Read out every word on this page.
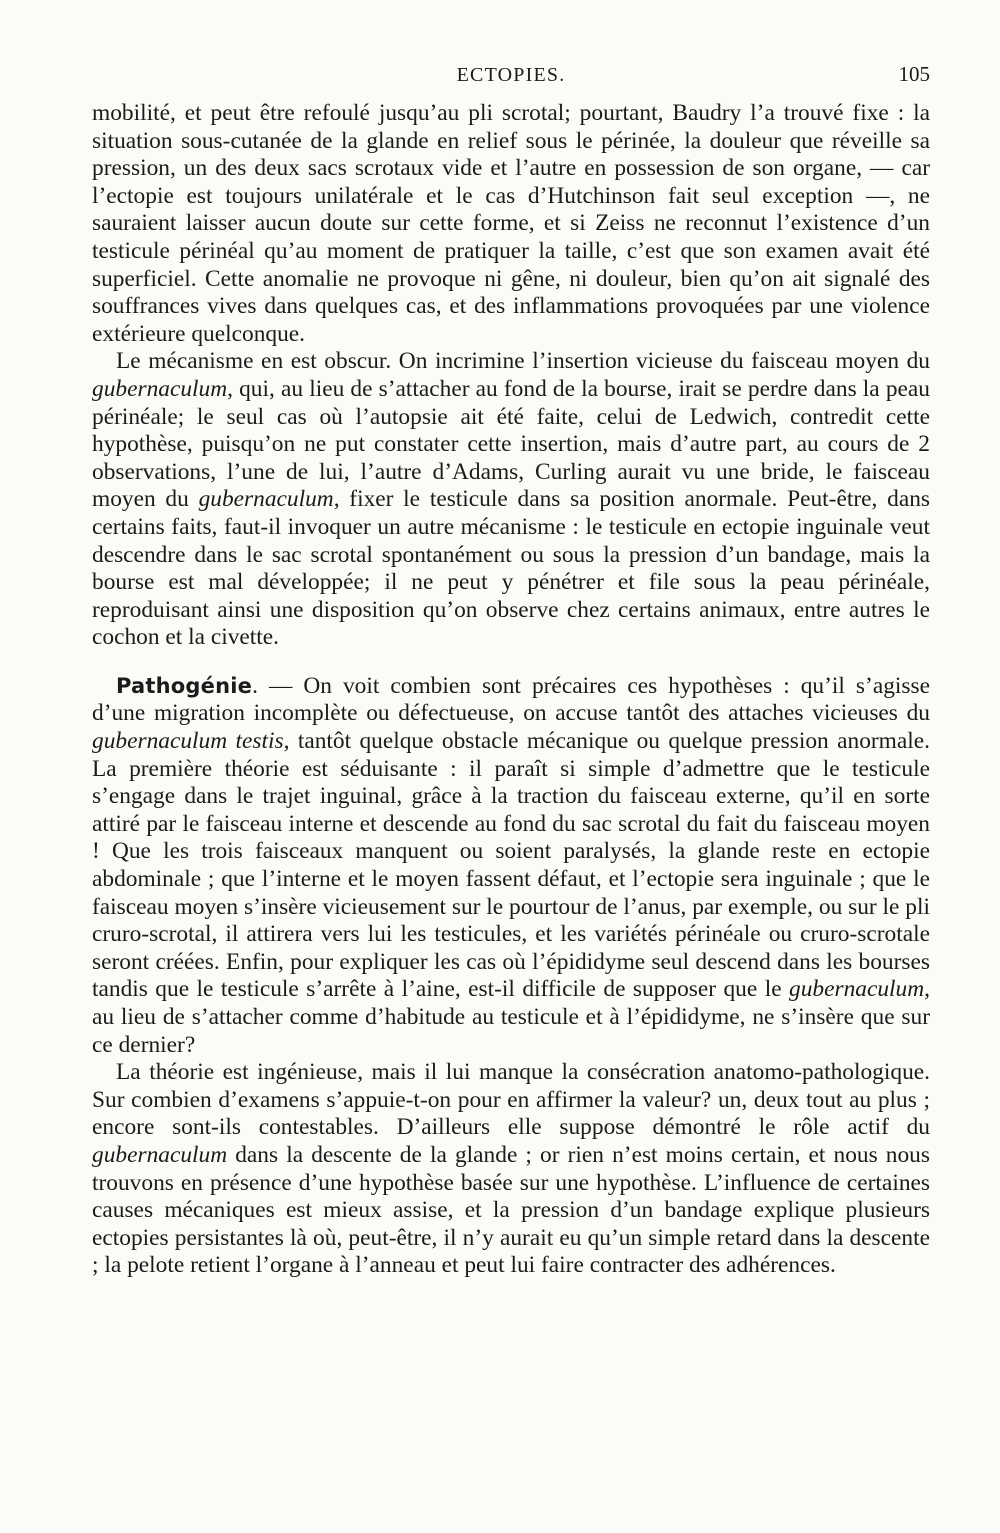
ECTOPIES.	105

mobilité, et peut être refoulé jusqu’au pli scrotal; pourtant, Baudry l’a trouvé fixe : la situation sous-cutanée de la glande en relief sous le périnée, la douleur que réveille sa pression, un des deux sacs scrotaux vide et l’autre en possession de son organe, — car l’ectopie est toujours unilatérale et le cas d’Hutchinson fait seul exception —, ne sauraient laisser aucun doute sur cette forme, et si Zeiss ne reconnut l’existence d’un testicule périnéal qu’au moment de pratiquer la taille, c’est que son examen avait été superficiel. Cette anomalie ne provoque ni gêne, ni douleur, bien qu’on ait signalé des souffrances vives dans quelques cas, et des inflammations provoquées par une violence extérieure quelconque.

Le mécanisme en est obscur. On incrimine l’insertion vicieuse du faisceau moyen du gubernaculum, qui, au lieu de s’attacher au fond de la bourse, irait se perdre dans la peau périnéale; le seul cas où l’autopsie ait été faite, celui de Ledwich, contredit cette hypothèse, puisqu’on ne put constater cette insertion, mais d’autre part, au cours de 2 observations, l’une de lui, l’autre d’Adams, Curling aurait vu une bride, le faisceau moyen du gubernaculum, fixer le testicule dans sa position anormale. Peut-être, dans certains faits, faut-il invoquer un autre mécanisme : le testicule en ectopie inguinale veut descendre dans le sac scrotal spontanément ou sous la pression d’un bandage, mais la bourse est mal développée; il ne peut y pénétrer et file sous la peau périnéale, reproduisant ainsi une disposition qu’on observe chez certains animaux, entre autres le cochon et la civette.

Pathogénie. — On voit combien sont précaires ces hypothèses : qu’il s’agisse d’une migration incomplète ou défectueuse, on accuse tantôt des attaches vicieuses du gubernaculum testis, tantôt quelque obstacle mécanique ou quelque pression anormale. La première théorie est séduisante : il paraît si simple d’admettre que le testicule s’engage dans le trajet inguinal, grâce à la traction du faisceau externe, qu’il en sorte attiré par le faisceau interne et descende au fond du sac scrotal du fait du faisceau moyen ! Que les trois faisceaux manquent ou soient paralysés, la glande reste en ectopie abdominale ; que l’interne et le moyen fassent défaut, et l’ectopie sera inguinale ; que le faisceau moyen s’insère vicieusement sur le pourtour de l’anus, par exemple, ou sur le pli cruro-scrotal, il attirera vers lui les testicules, et les variétés périnéale ou cruro-scrotale seront créées. Enfin, pour expliquer les cas où l’épididyme seul descend dans les bourses tandis que le testicule s’arrête à l’aine, est-il difficile de supposer que le gubernaculum, au lieu de s’attacher comme d’habitude au testicule et à l’épididyme, ne s’insère que sur ce dernier?

La théorie est ingénieuse, mais il lui manque la consécration anatomo-pathologique. Sur combien d’examens s’appuie-t-on pour en affirmer la valeur? un, deux tout au plus ; encore sont-ils contestables. D’ailleurs elle suppose démontré le rôle actif du gubernaculum dans la descente de la glande ; or rien n’est moins certain, et nous nous trouvons en présence d’une hypothèse basée sur une hypothèse. L’influence de certaines causes mécaniques est mieux assise, et la pression d’un bandage explique plusieurs ectopies persistantes là où, peut-être, il n’y aurait eu qu’un simple retard dans la descente ; la pelote retient l’organe à l’anneau et peut lui faire contracter des adhérences.
